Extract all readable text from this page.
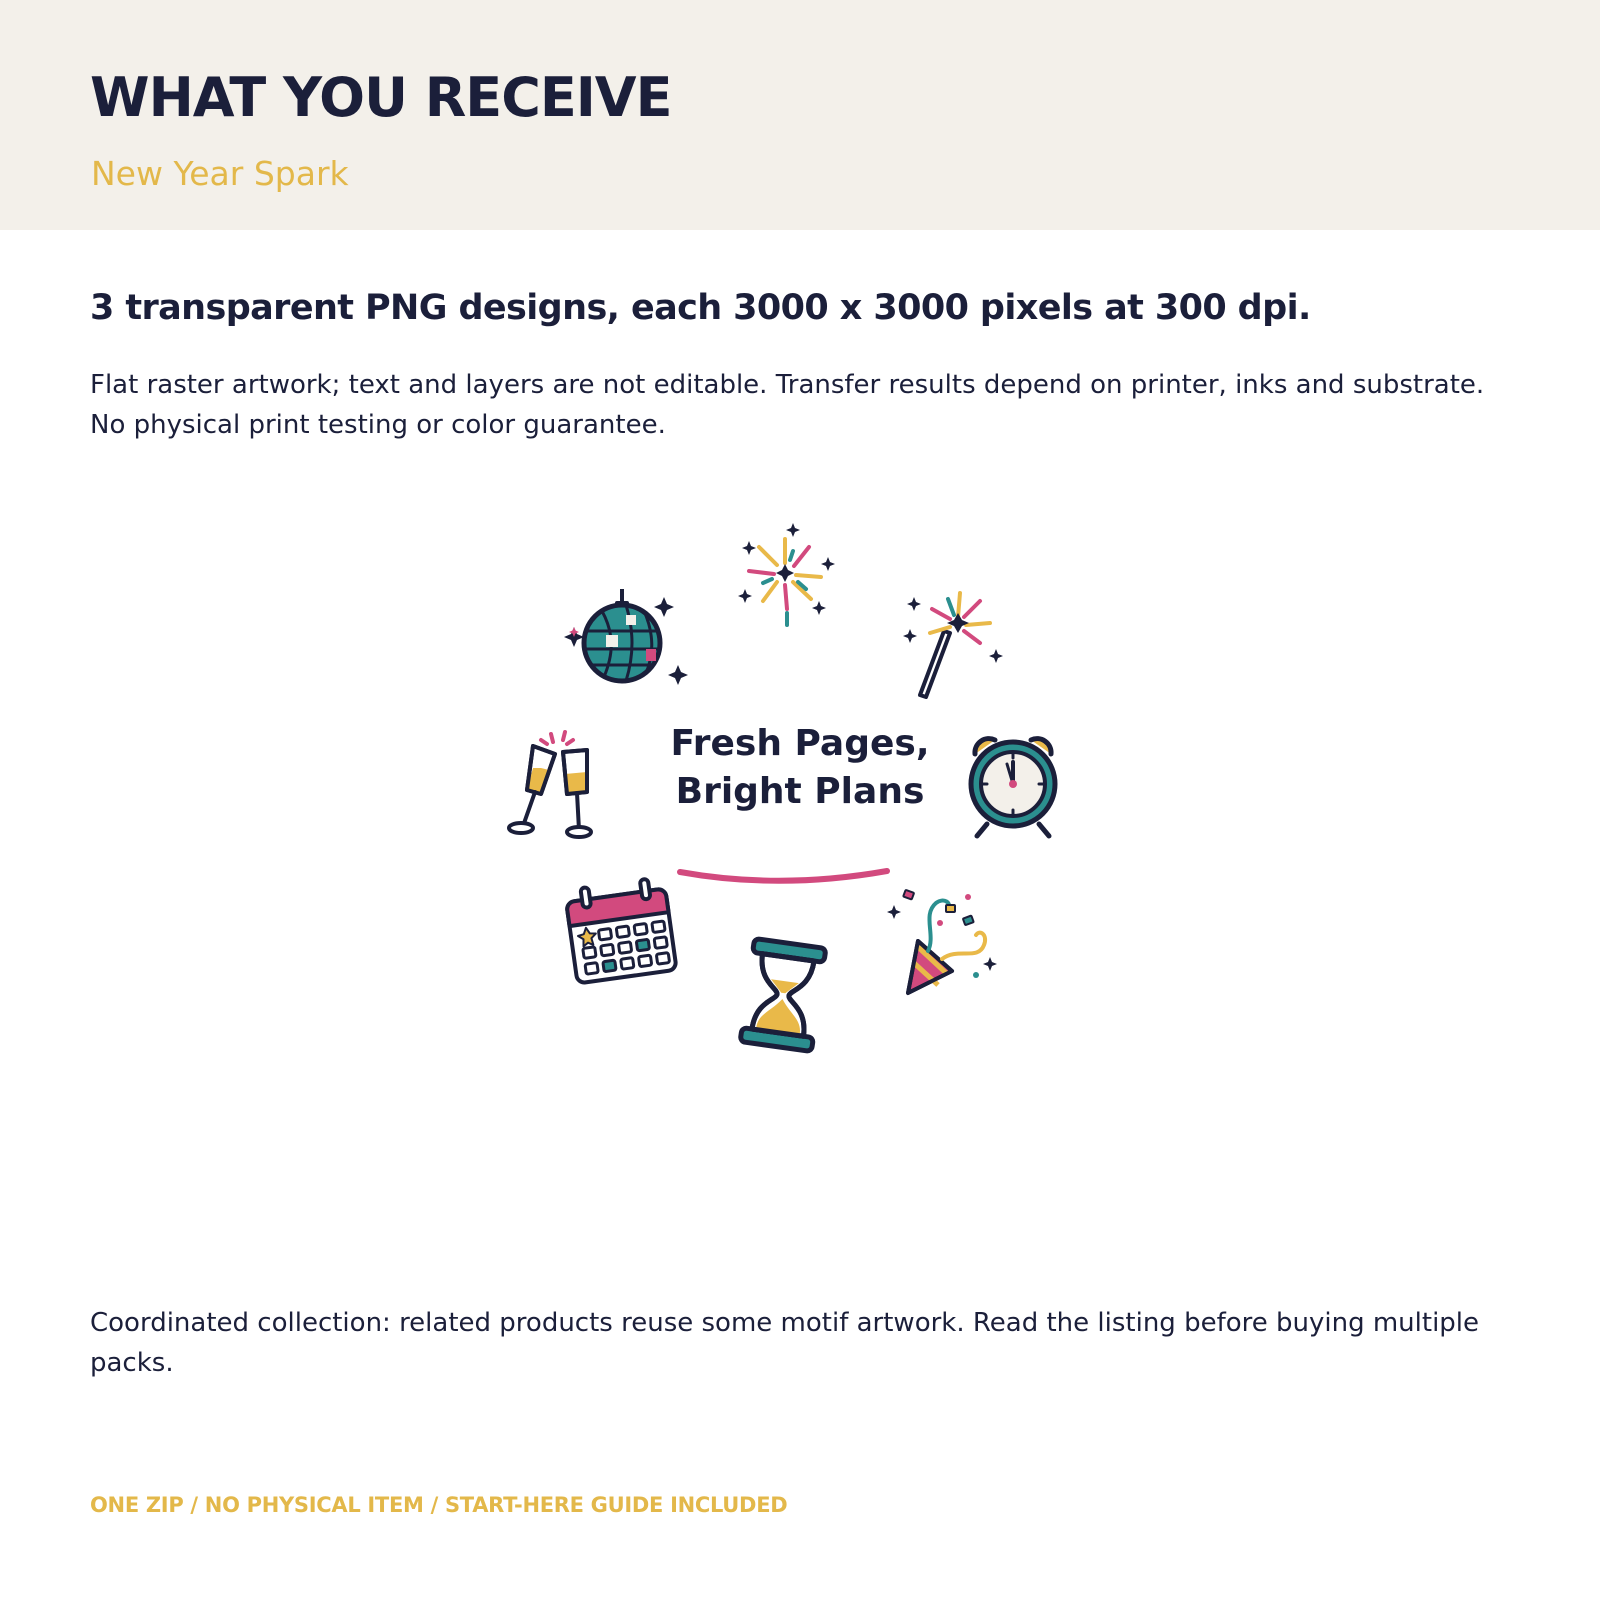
WHAT YOU RECEIVE

New Year Spark

3 transparent PNG designs, each 3000 x 3000 pixels at 300 dpi.

Flat raster artwork; text and layers are not editable. Transfer results depend on printer, inks and substrate.
No physical print testing or color guarantee.

Fresh Pages,
Bright Plans

Coordinated collection: related products reuse some motif artwork. Read the listing before buying multiple
packs.

ONE ZIP / NO PHYSICAL ITEM / START-HERE GUIDE INCLUDED
